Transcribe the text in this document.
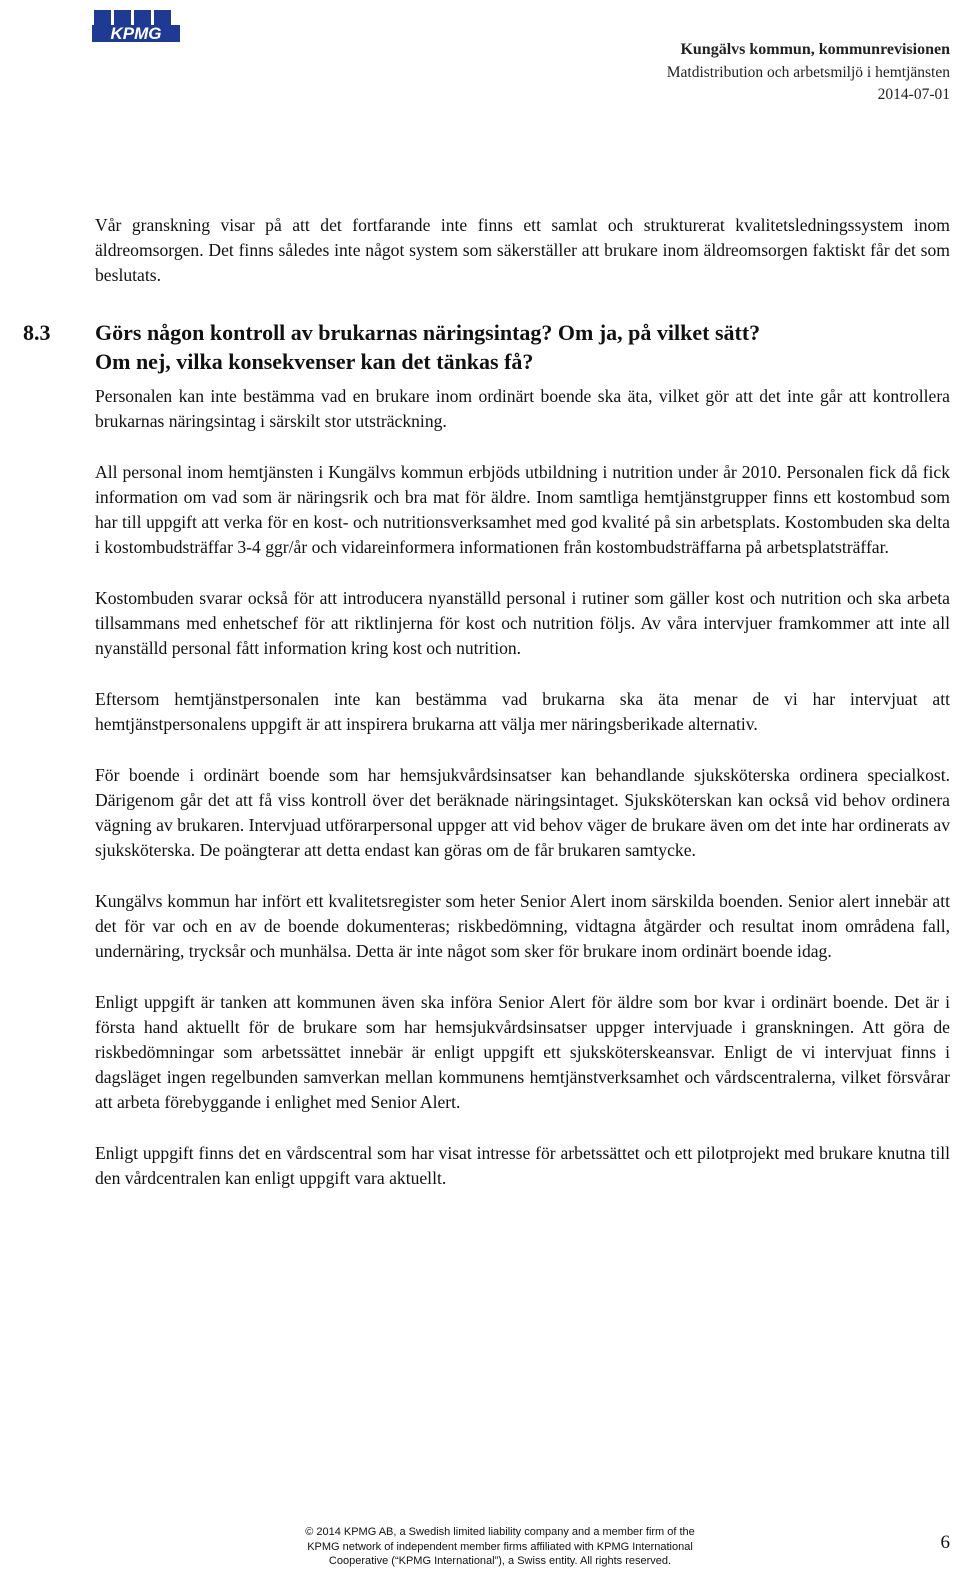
KPMG
Kungälvs kommun, kommunrevisionen
Matdistribution och arbetsmiljö i hemtjänsten
2014-07-01

Vår granskning visar på att det fortfarande inte finns ett samlat och strukturerat kvalitetsledningssystem inom äldreomsorgen. Det finns således inte något system som säkerställer att brukare inom äldreomsorgen faktiskt får det som beslutats.

8.3 Görs någon kontroll av brukarnas näringsintag? Om ja, på vilket sätt?
Om nej, vilka konsekvenser kan det tänkas få?

Personalen kan inte bestämma vad en brukare inom ordinärt boende ska äta, vilket gör att det inte går att kontrollera brukarnas näringsintag i särskilt stor utsträckning.

All personal inom hemtjänsten i Kungälvs kommun erbjöds utbildning i nutrition under år 2010. Personalen fick då fick information om vad som är näringsrik och bra mat för äldre. Inom samtliga hemtjänstgrupper finns ett kostombud som har till uppgift att verka för en kost- och nutritionsverksamhet med god kvalité på sin arbetsplats. Kostombuden ska delta i kostombudsträffar 3-4 ggr/år och vidareinformera informationen från kostombudsträffarna på arbetsplatsträffar.

Kostombuden svarar också för att introducera nyanställd personal i rutiner som gäller kost och nutrition och ska arbeta tillsammans med enhetschef för att riktlinjerna för kost och nutrition följs. Av våra intervjuer framkommer att inte all nyanställd personal fått information kring kost och nutrition.

Eftersom hemtjänstpersonalen inte kan bestämma vad brukarna ska äta menar de vi har intervjuat att hemtjänstpersonalens uppgift är att inspirera brukarna att välja mer näringsberikade alternativ.

För boende i ordinärt boende som har hemsjukvårdsinsatser kan behandlande sjuksköterska ordinera specialkost. Därigenom går det att få viss kontroll över det beräknade näringsintaget. Sjuksköterskan kan också vid behov ordinera vägning av brukaren. Intervjuad utförarpersonal uppger att vid behov väger de brukare även om det inte har ordinerats av sjuksköterska. De poängterar att detta endast kan göras om de får brukaren samtycke.

Kungälvs kommun har infört ett kvalitetsregister som heter Senior Alert inom särskilda boenden. Senior alert innebär att det för var och en av de boende dokumenteras; riskbedömning, vidtagna åtgärder och resultat inom områdena fall, undernäring, trycksår och munhälsa. Detta är inte något som sker för brukare inom ordinärt boende idag.

Enligt uppgift är tanken att kommunen även ska införa Senior Alert för äldre som bor kvar i ordinärt boende. Det är i första hand aktuellt för de brukare som har hemsjukvårdsinsatser uppger intervjuade i granskningen. Att göra de riskbedömningar som arbetssättet innebär är enligt uppgift ett sjuksköterskeansvar. Enligt de vi intervjuat finns i dagsläget ingen regelbunden samverkan mellan kommunens hemtjänstverksamhet och vårdscentralerna, vilket försvårar att arbeta förebyggande i enlighet med Senior Alert.

Enligt uppgift finns det en vårdscentral som har visat intresse för arbetssättet och ett pilotprojekt med brukare knutna till den vårdcentralen kan enligt uppgift vara aktuellt.

© 2014 KPMG AB, a Swedish limited liability company and a member firm of the
KPMG network of independent member firms affiliated with KPMG International
Cooperative (“KPMG International”), a Swiss entity. All rights reserved.
6
